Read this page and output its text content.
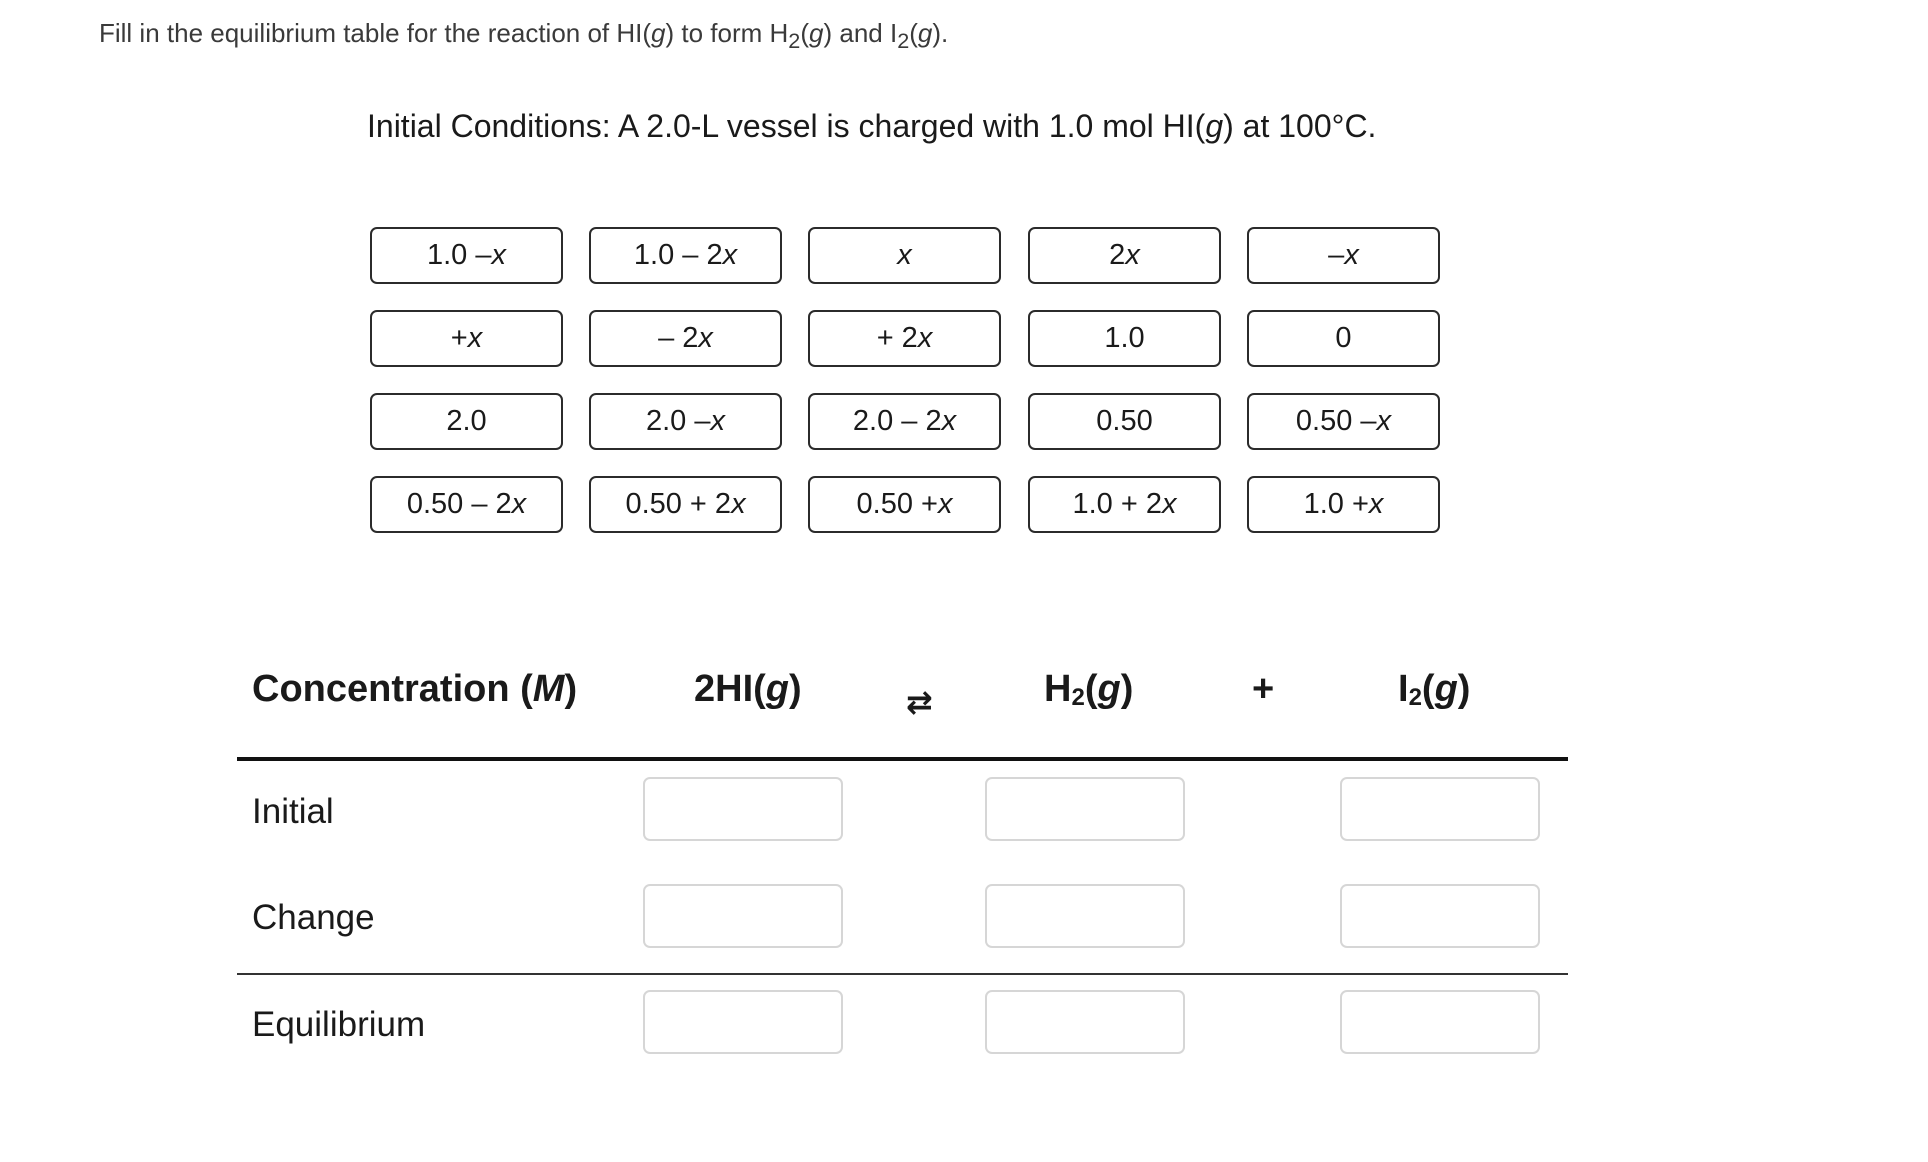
Fill in the equilibrium table for the reaction of HI(g) to form $H_2(g)$ and $I_2(g)$.
Initial Conditions: A 2.0-L vessel is charged with 1.0 mol HI(g) at 100°C.
1.0 – x	1.0 – 2 x	x	2 x	– x
+ x	– 2 x	+ 2 x	1.0	0
2.0	2.0 – x	2.0 – 2 x	0.50	0.50 – x
0.50 – 2 x	0.50 + 2 x	0.50 + x	1.0 + 2 x	1.0 + x
Concentration (M)	2HI(g)	⇄	$H_2(g)$	+	$I_2(g)$
Initial
Change
Equilibrium
